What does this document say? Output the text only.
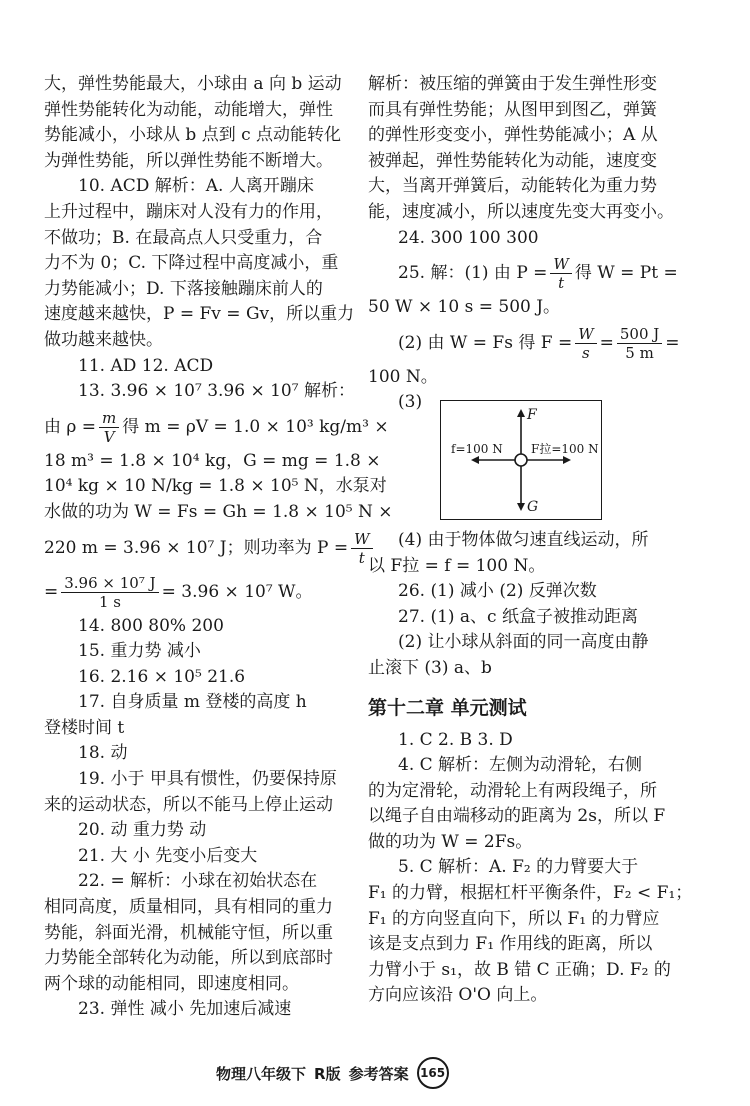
大，弹性势能最大，小球由 a 向 b 运动
弹性势能转化为动能，动能增大，弹性
势能减小，小球从 b 点到 c 点动能转化
为弹性势能，所以弹性势能不断增大。
10. ACD 解析：A. 人离开蹦床
上升过程中，蹦床对人没有力的作用，
不做功；B. 在最高点人只受重力，合
力不为 0；C. 下降过程中高度减小，重
力势能减小；D. 下落接触蹦床前人的
速度越来越快，P = Fv = Gv，所以重力
做功越来越快。
11. AD 12. ACD
13. 3.96 × 10⁷ 3.96 × 10⁷ 解析：
由 $\rho = \frac{m}{V}$ 得 m = ρV = 1.0 × 10³ kg/m³ ×
18 m³ = 1.8 × 10⁴ kg，G = mg = 1.8 ×
10⁴ kg × 10 N/kg = 1.8 × 10⁵ N，水泵对
水做的功为 W = Fs = Gh = 1.8 × 10⁵ N ×
220 m = 3.96 × 10⁷ J；则功率为 $P = \frac{W}{t}$
= $\frac{\text{3.96 × 10⁷ J}}{1 s} = 3.96 \times 10^7$ W。
14. 800 80% 200
15. 重力势 减小
16. 2.16 × 10⁵ 21.6
17. 自身质量 m 登楼的高度 h
登楼时间 t
18. 动
19. 小于 甲具有惯性，仍要保持原
来的运动状态，所以不能马上停止运动
20. 动 重力势 动
21. 大 小 先变小后变大
22. = 解析：小球在初始状态在
相同高度，质量相同，具有相同的重力
势能，斜面光滑，机械能守恒，所以重
力势能全部转化为动能，所以到底部时
两个球的动能相同，即速度相同。
23. 弹性 减小 先加速后减速
解析：被压缩的弹簧由于发生弹性形变
而具有弹性势能；从图甲到图乙，弹簧
的弹性形变变小，弹性势能减小；A 从
被弹起，弹性势能转化为动能，速度变
大，当离开弹簧后，动能转化为重力势
能，速度减小，所以速度先变大再变小。
24. 300 100 300
25. 解：(1) 由 $P = \frac{W}{t}$ 得 W = Pt =
50 W × 10 s = 500 J。
(2) 由 W = Fs 得 $F = \frac{W}{s} = \frac{500 J}{5 m}$ =
100 N。
(3)
F
G
f=100 N F拉=100 N
(4) 由于物体做匀速直线运动，所
以 F拉 = f = 100 N。
26. (1) 减小 (2) 反弹次数
27. (1) a、c 纸盒子被推动距离
(2) 让小球从斜面的同一高度由静
止滚下 (3) a、b
第十二章 单元测试
1. C 2. B 3. D
4. C 解析：左侧为动滑轮，右侧
的为定滑轮，动滑轮上有两段绳子，所
以绳子自由端移动的距离为 2s，所以 F
做的功为 W = 2Fs。
5. C 解析：A. F₂ 的力臂要大于
F₁ 的力臂，根据杠杆平衡条件，F₂ < F₁；
F₁ 的方向竖直向下，所以 F₁ 的力臂应
该是支点到力 F₁ 作用线的距离，所以
力臂小于 s₁，故 B 错 C 正确；D. F₂ 的
方向应该沿 O'O 向上。
物理八年级下 R版 参考答案 165
